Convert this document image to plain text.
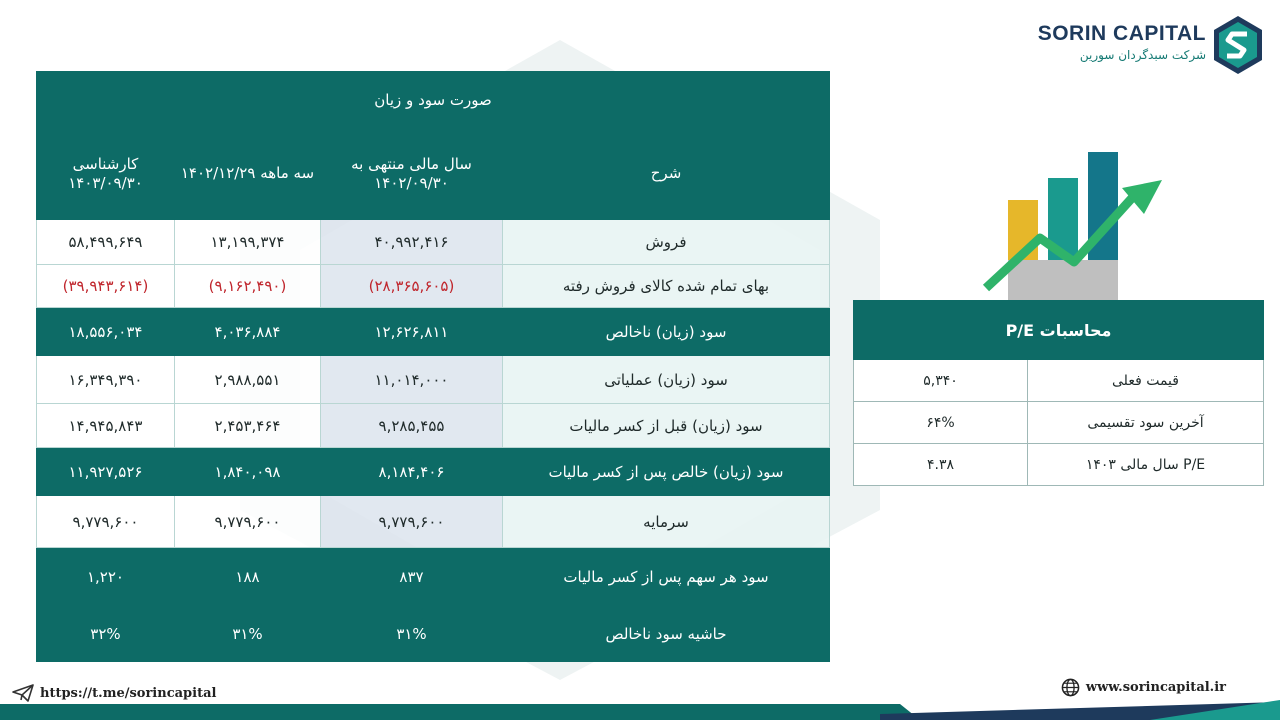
SORIN CAPITAL
شرکت سبدگردان سورین
صورت سود و زیان			
شرح	سال مالی منتهی به ۱۴۰۲/۰۹/۳۰	سه ماهه ۱۴۰۲/۱۲/۲۹	کارشناسی ۱۴۰۳/۰۹/۳۰
فروش	۴۰,۹۹۲,۴۱۶	۱۳,۱۹۹,۳۷۴	۵۸,۴۹۹,۶۴۹
بهای تمام شده کالای فروش رفته	(۲۸,۳۶۵,۶۰۵)	(۹,۱۶۲,۴۹۰)	(۳۹,۹۴۳,۶۱۴)
سود (زیان) ناخالص	۱۲,۶۲۶,۸۱۱	۴,۰۳۶,۸۸۴	۱۸,۵۵۶,۰۳۴
سود (زیان) عملیاتی	۱۱,۰۱۴,۰۰۰	۲,۹۸۸,۵۵۱	۱۶,۳۴۹,۳۹۰
سود (زیان) قبل از کسر مالیات	۹,۲۸۵,۴۵۵	۲,۴۵۳,۴۶۴	۱۴,۹۴۵,۸۴۳
سود (زیان) خالص پس از کسر مالیات	۸,۱۸۴,۴۰۶	۱,۸۴۰,۰۹۸	۱۱,۹۲۷,۵۲۶
سرمایه	۹,۷۷۹,۶۰۰	۹,۷۷۹,۶۰۰	۹,۷۷۹,۶۰۰
سود هر سهم پس از کسر مالیات	۸۳۷	۱۸۸	۱,۲۲۰
حاشیه سود ناخالص	۳۱%	۳۱%	۳۲%
محاسبات P/E	
قیمت فعلی	۵,۳۴۰
آخرین سود تقسیمی	۶۴%
P/E سال مالی ۱۴۰۳	۴.۳۸
https://t.me/sorincapital	www.sorincapital.ir
